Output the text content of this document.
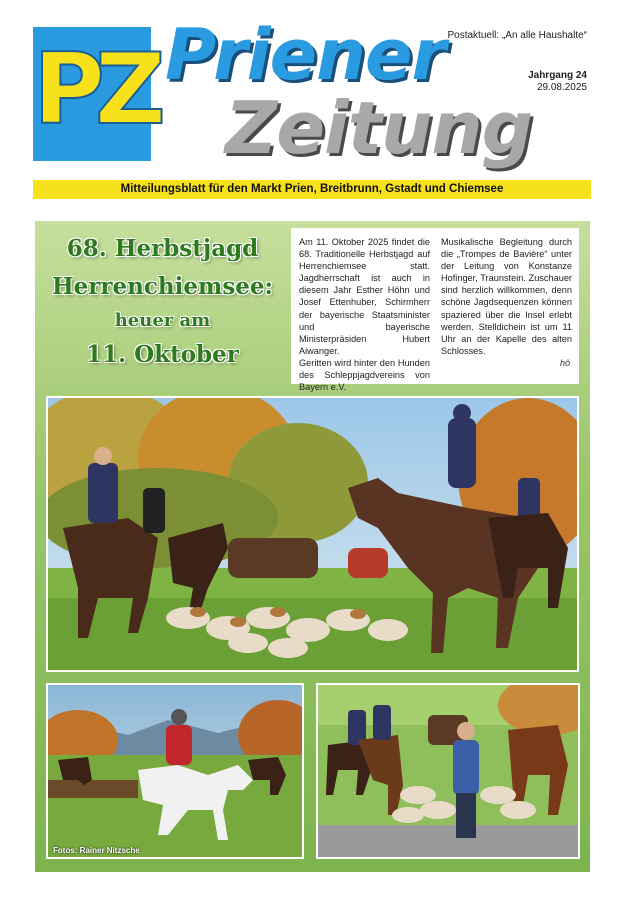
PZ Priener
Zeitung
Postaktuell: „An alle Haushalte“
Jahrgang 24
29.08.2025
Mitteilungsblatt für den Markt Prien, Breitbrunn, Gstadt und Chiemsee
68. Herbstjagd
Herrenchiemsee:
heuer am
11. Oktober
Am 11. Oktober 2025 findet die 68. Traditionelle Herbstjagd auf Herrenchiemsee statt. Jagdherrschaft ist auch in diesem Jahr Esther Höhn und Josef Ettenhuber, Schirmherr der bayerische Staatsminister und bayerische Ministerpräsiden Hubert Aiwanger.
Geritten wird hinter den Hunden des Schleppjagdvereins von Bayern e.V.
Musikalische Begleitung durch die „Trompes de Bavière“ unter der Leitung von Konstanze Hofinger, Traunstein. Zuschauer sind herzlich willkommen, denn schöne Jagdsequenzen können spaziered über die Insel erlebt werden. Stelldichein ist um 11 Uhr an der Kapelle des alten Schlosses.
hö
Fotos: Rainer Nitzsche
